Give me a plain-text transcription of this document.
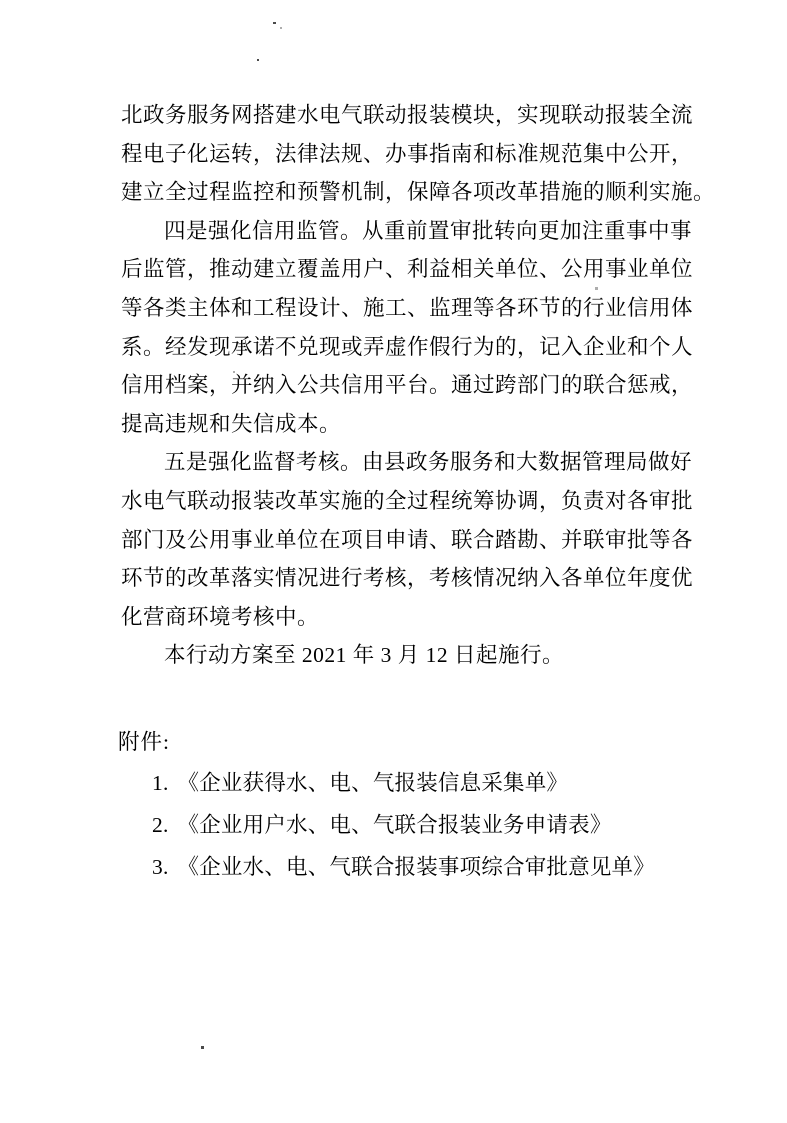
北政务服务网搭建水电气联动报装模块，实现联动报装全流
程电子化运转，法律法规、办事指南和标准规范集中公开，
建立全过程监控和预警机制，保障各项改革措施的顺利实施。
四是强化信用监管。从重前置审批转向更加注重事中事
后监管，推动建立覆盖用户、利益相关单位、公用事业单位
等各类主体和工程设计、施工、监理等各环节的行业信用体
系。经发现承诺不兑现或弄虚作假行为的，记入企业和个人
信用档案，并纳入公共信用平台。通过跨部门的联合惩戒，
提高违规和失信成本。
五是强化监督考核。由县政务服务和大数据管理局做好
水电气联动报装改革实施的全过程统筹协调，负责对各审批
部门及公用事业单位在项目申请、联合踏勘、并联审批等各
环节的改革落实情况进行考核，考核情况纳入各单位年度优
化营商环境考核中。
本行动方案至 2021 年 3 月 12 日起施行。
附件:
1. 《企业获得水、电、气报装信息采集单》
2. 《企业用户水、电、气联合报装业务申请表》
3. 《企业水、电、气联合报装事项综合审批意见单》
